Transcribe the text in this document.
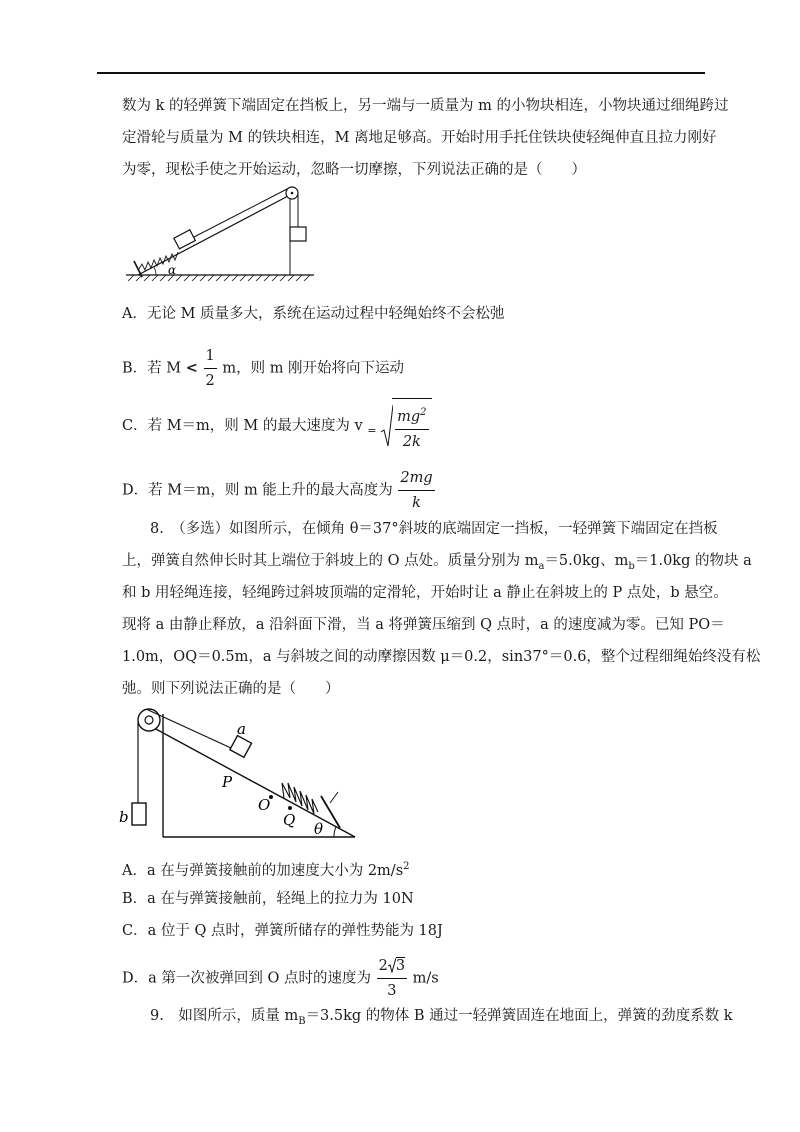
数为 k 的轻弹簧下端固定在挡板上，另一端与一质量为 m 的小物块相连，小物块通过细绳跨过
定滑轮与质量为 M 的铁块相连，M 离地足够高。开始时用手托住铁块使轻绳伸直且拉力刚好
为零，现松手使之开始运动，忽略一切摩擦，下列说法正确的是（　　）
α
A．无论 M 质量多大，系统在运动过程中轻绳始终不会松弛
B．若 $M < \frac{1}{2}$ m，则 m 刚开始将向下运动
C．若 M＝m，则 M 的最大速度为 v $_= \frac{mg^2}{2k}$
D．若 M＝m，则 m 能上升的最大高度为 $\frac{2mg}{k}$
8.　（多选）如图所示，在倾角 θ＝37°斜坡的底端固定一挡板，一轻弹簧下端固定在挡板
上，弹簧自然伸长时其上端位于斜坡上的 O 点处。质量分别为 $m_a=5.0kg$、$m_b=1.0kg$ 的物块 a
和 b 用轻绳连接，轻绳跨过斜坡顶端的定滑轮，开始时让 a 静止在斜坡上的 P 点处，b 悬空。
现将 a 由静止释放，a 沿斜面下滑，当 a 将弹簧压缩到 Q 点时，a 的速度减为零。已知 PO＝
1.0m，OQ＝0.5m，a 与斜坡之间的动摩擦因数 μ＝0.2，sin37°＝0.6，整个过程细绳始终没有松
弛。则下列说法正确的是（　　）
a
P
O
Q θ
b
A．a 在与弹簧接触前的加速度大小为 $2m/s^2$
B．a 在与弹簧接触前，轻绳上的拉力为 10N
C．a 位于 Q 点时，弹簧所储存的弹性势能为 18J
D．a 第一次被弹回到 O 点时的速度为 $\frac{2 3}{3} m/s$
9.　如图所示，质量 $m_B=3.5kg$ 的物体 B 通过一轻弹簧固连在地面上，弹簧的劲度系数 k
